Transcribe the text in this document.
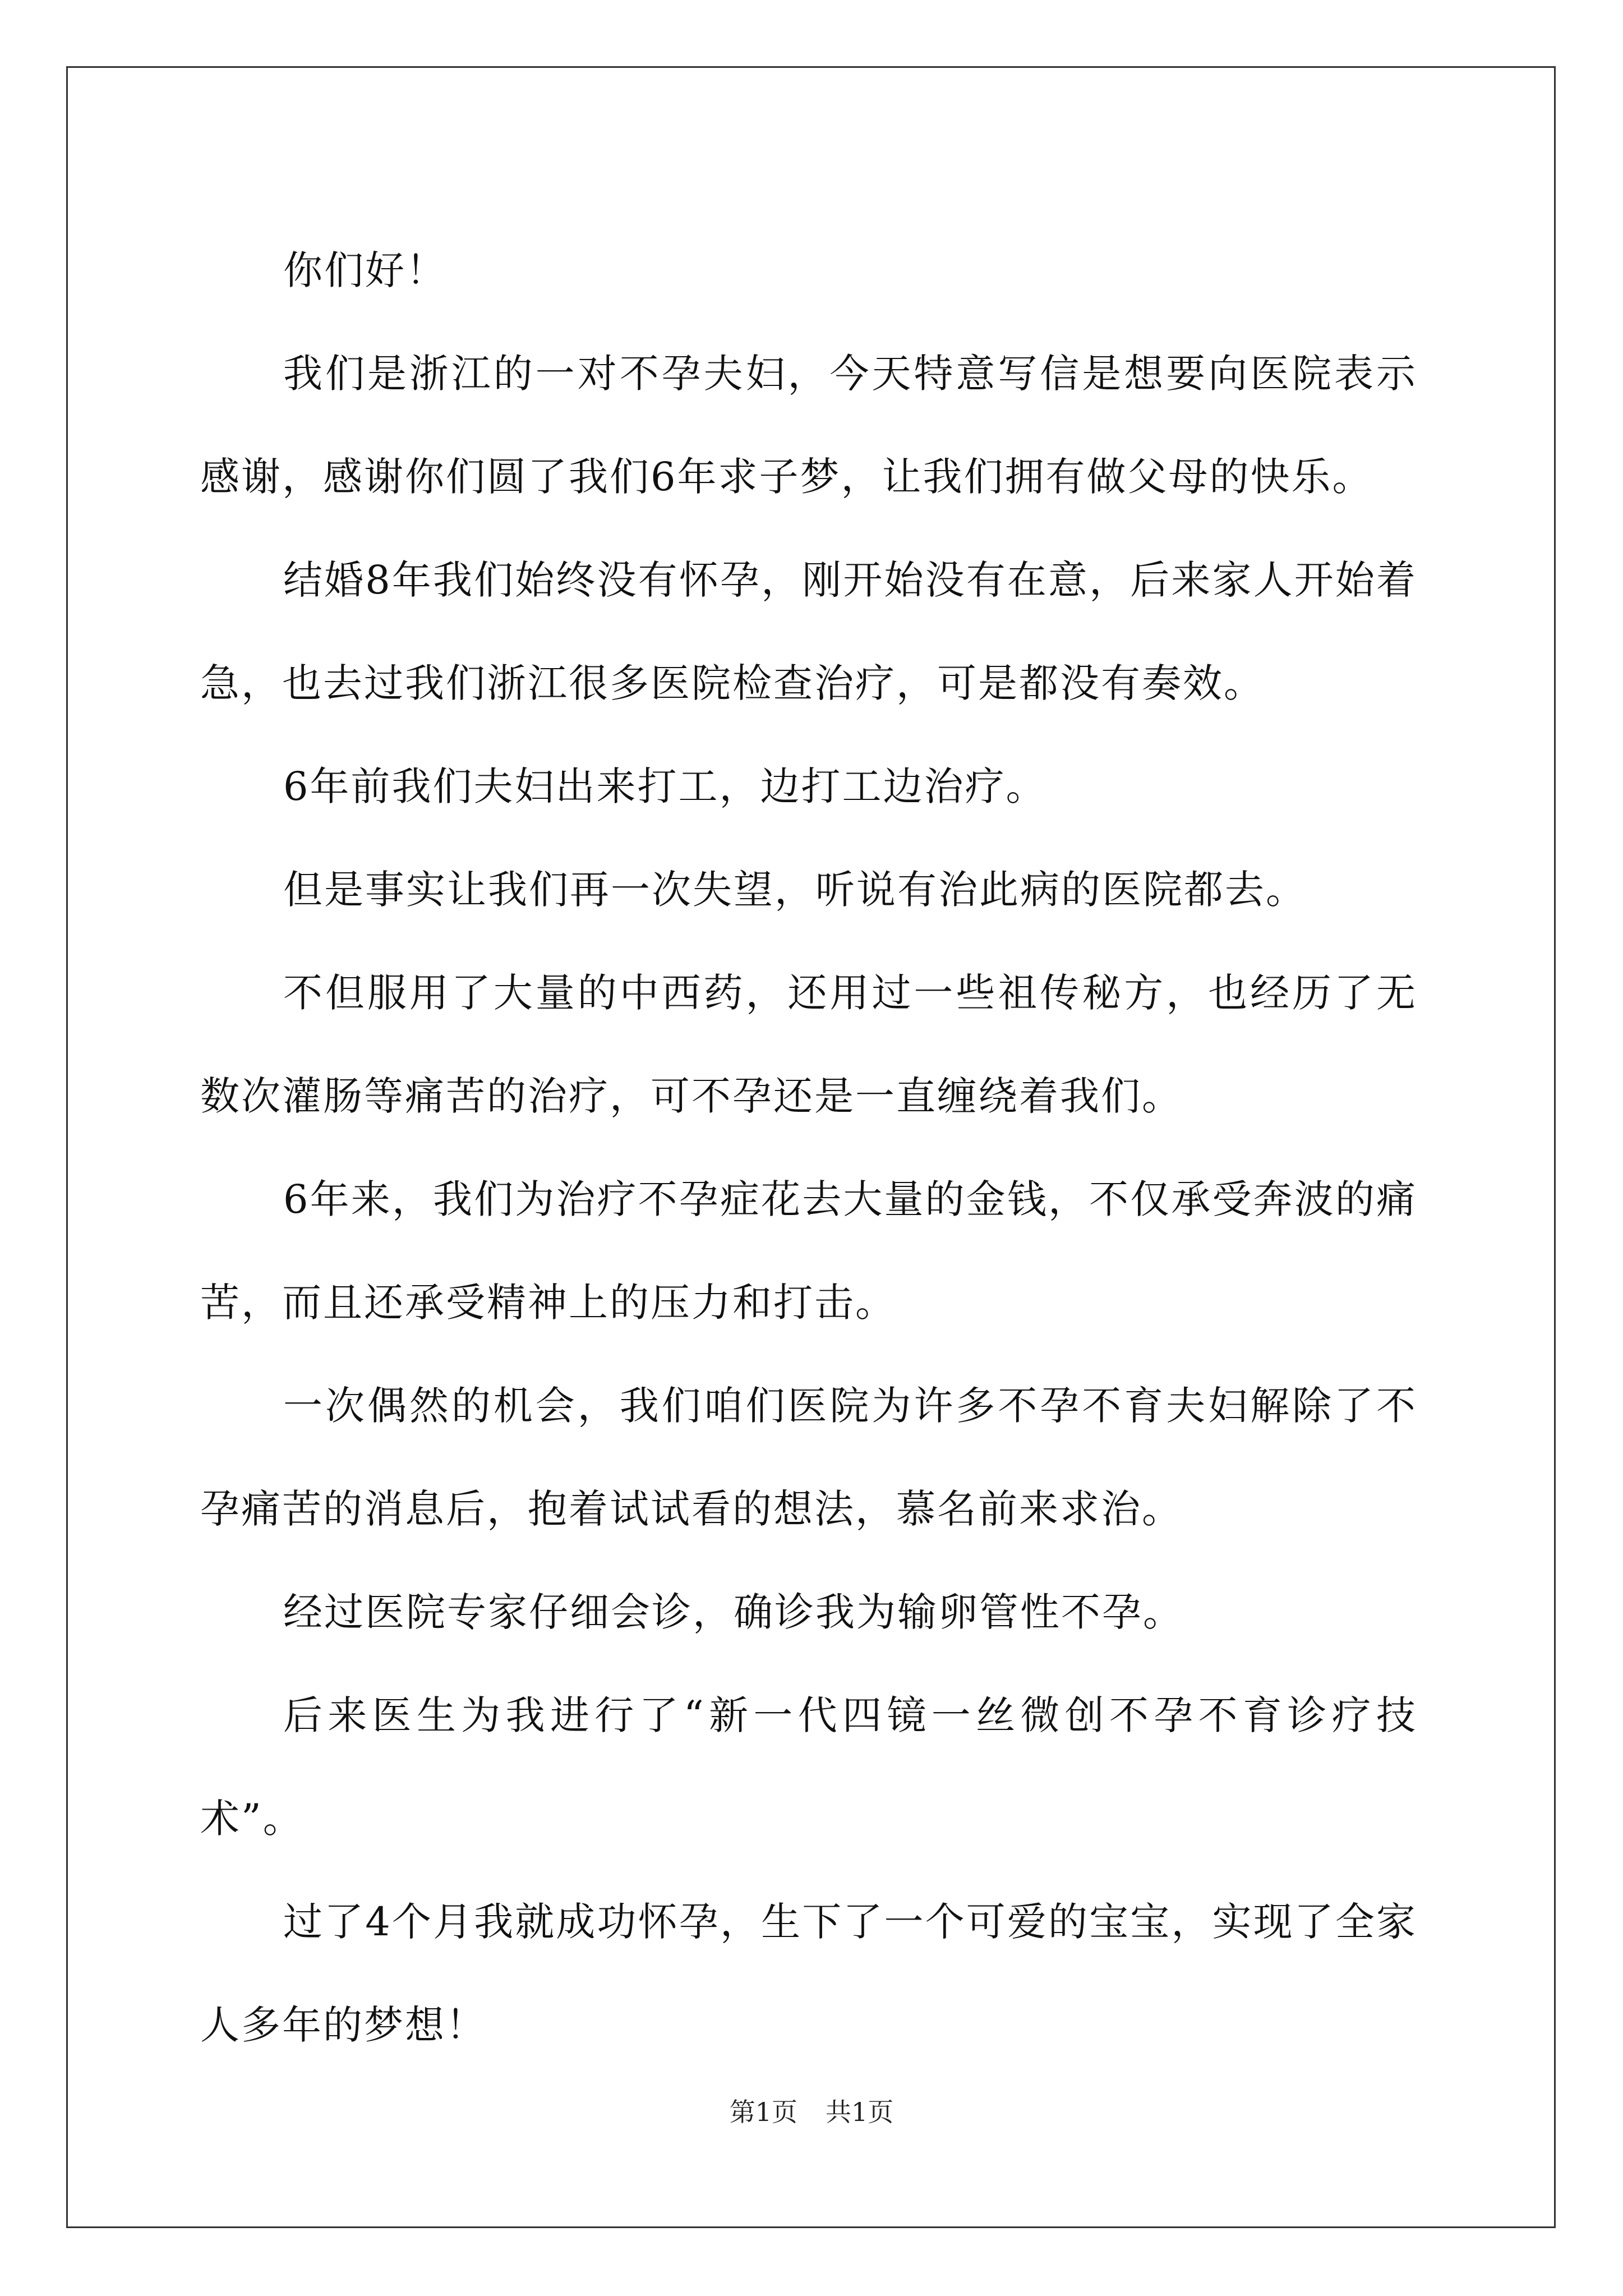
你们好！

我们是浙江的一对不孕夫妇，今天特意写信是想要向医院表示感谢，感谢你们圆了我们6年求子梦，让我们拥有做父母的快乐。

结婚8年我们始终没有怀孕，刚开始没有在意，后来家人开始着急，也去过我们浙江很多医院检查治疗，可是都没有奏效。

6年前我们夫妇出来打工，边打工边治疗。

但是事实让我们再一次失望，听说有治此病的医院都去。

不但服用了大量的中西药，还用过一些祖传秘方，也经历了无数次灌肠等痛苦的治疗，可不孕还是一直缠绕着我们。

6年来，我们为治疗不孕症花去大量的金钱，不仅承受奔波的痛苦，而且还承受精神上的压力和打击。

一次偶然的机会，我们咱们医院为许多不孕不育夫妇解除了不孕痛苦的消息后，抱着试试看的想法，慕名前来求治。

经过医院专家仔细会诊，确诊我为输卵管性不孕。

后来医生为我进行了“新一代四镜一丝微创不孕不育诊疗技术”。

过了4个月我就成功怀孕，生下了一个可爱的宝宝，实现了全家人多年的梦想！

第1页 共1页
